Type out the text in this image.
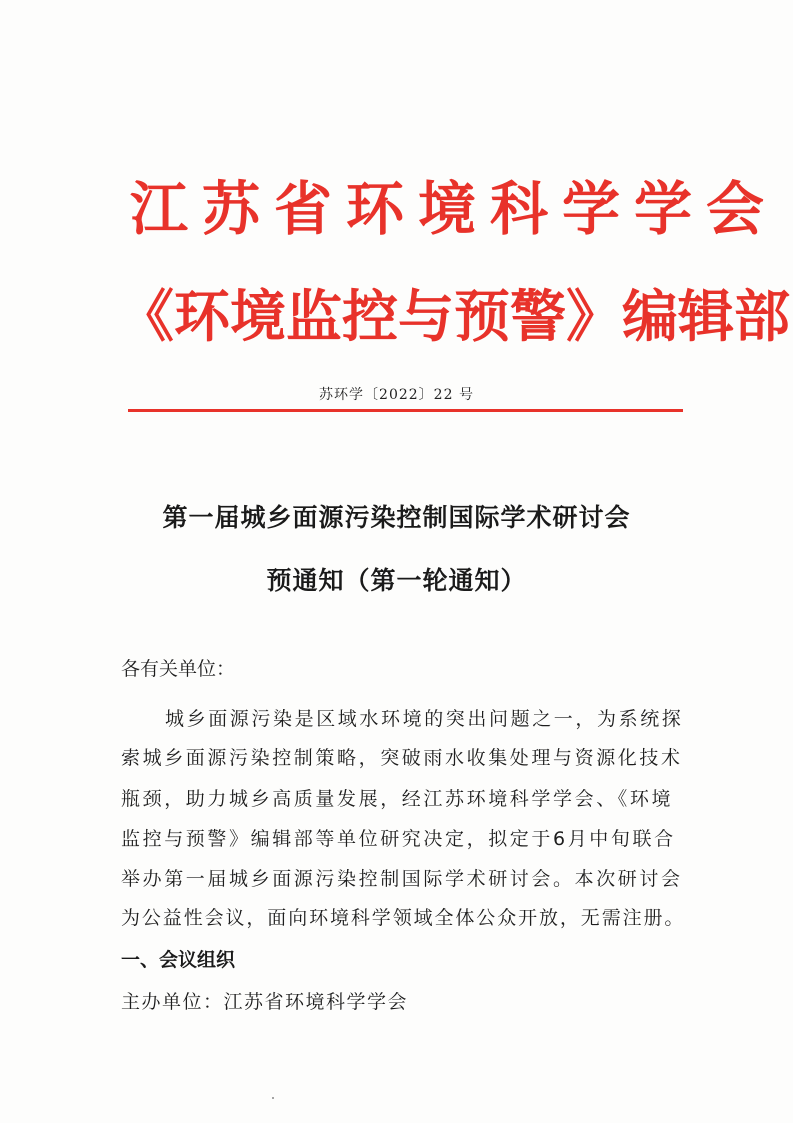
江苏省环境科学学会
《环境监控与预警》编辑部
苏环学〔2022〕22 号
第一届城乡面源污染控制国际学术研讨会
预通知（第一轮通知）
各有关单位：
城乡面源污染是区域水环境的突出问题之一，为系统探
索城乡面源污染控制策略，突破雨水收集处理与资源化技术
瓶颈，助力城乡高质量发展，经江苏环境科学学会、《环境
监控与预警》编辑部等单位研究决定，拟定于6月中旬联合
举办第一届城乡面源污染控制国际学术研讨会。本次研讨会
为公益性会议，面向环境科学领域全体公众开放，无需注册。
一、会议组织
主办单位：江苏省环境科学学会
